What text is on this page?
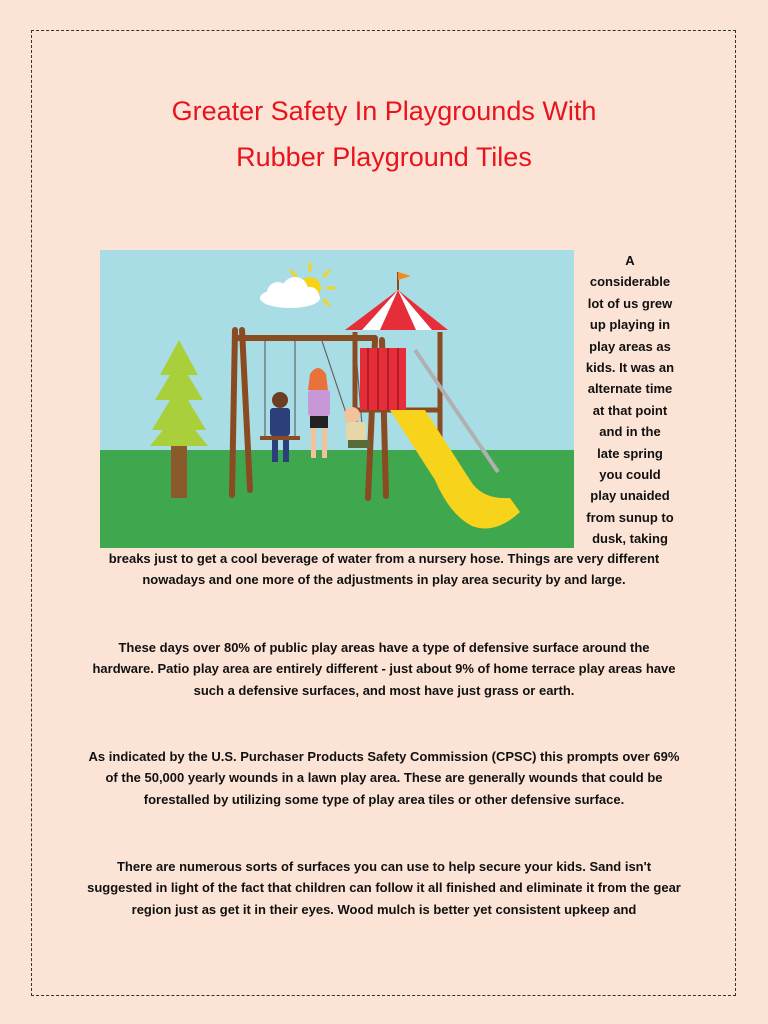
Greater Safety In Playgrounds With
Rubber Playground Tiles
A
considerable
lot of us grew
up playing in
play areas as
kids. It was an
alternate time
at that point
and in the
late spring
you could
play unaided
from sunup to
dusk, taking

breaks just to get a cool beverage of water from a nursery hose. Things are very different nowadays and one more of the adjustments in play area security by and large.

These days over 80% of public play areas have a type of defensive surface around the hardware. Patio play area are entirely different - just about 9% of home terrace play areas have such a defensive surfaces, and most have just grass or earth.

As indicated by the U.S. Purchaser Products Safety Commission (CPSC) this prompts over 69% of the 50,000 yearly wounds in a lawn play area. These are generally wounds that could be forestalled by utilizing some type of play area tiles or other defensive surface.

There are numerous sorts of surfaces you can use to help secure your kids. Sand isn't suggested in light of the fact that children can follow it all finished and eliminate it from the gear region just as get it in their eyes. Wood mulch is better yet consistent upkeep and
